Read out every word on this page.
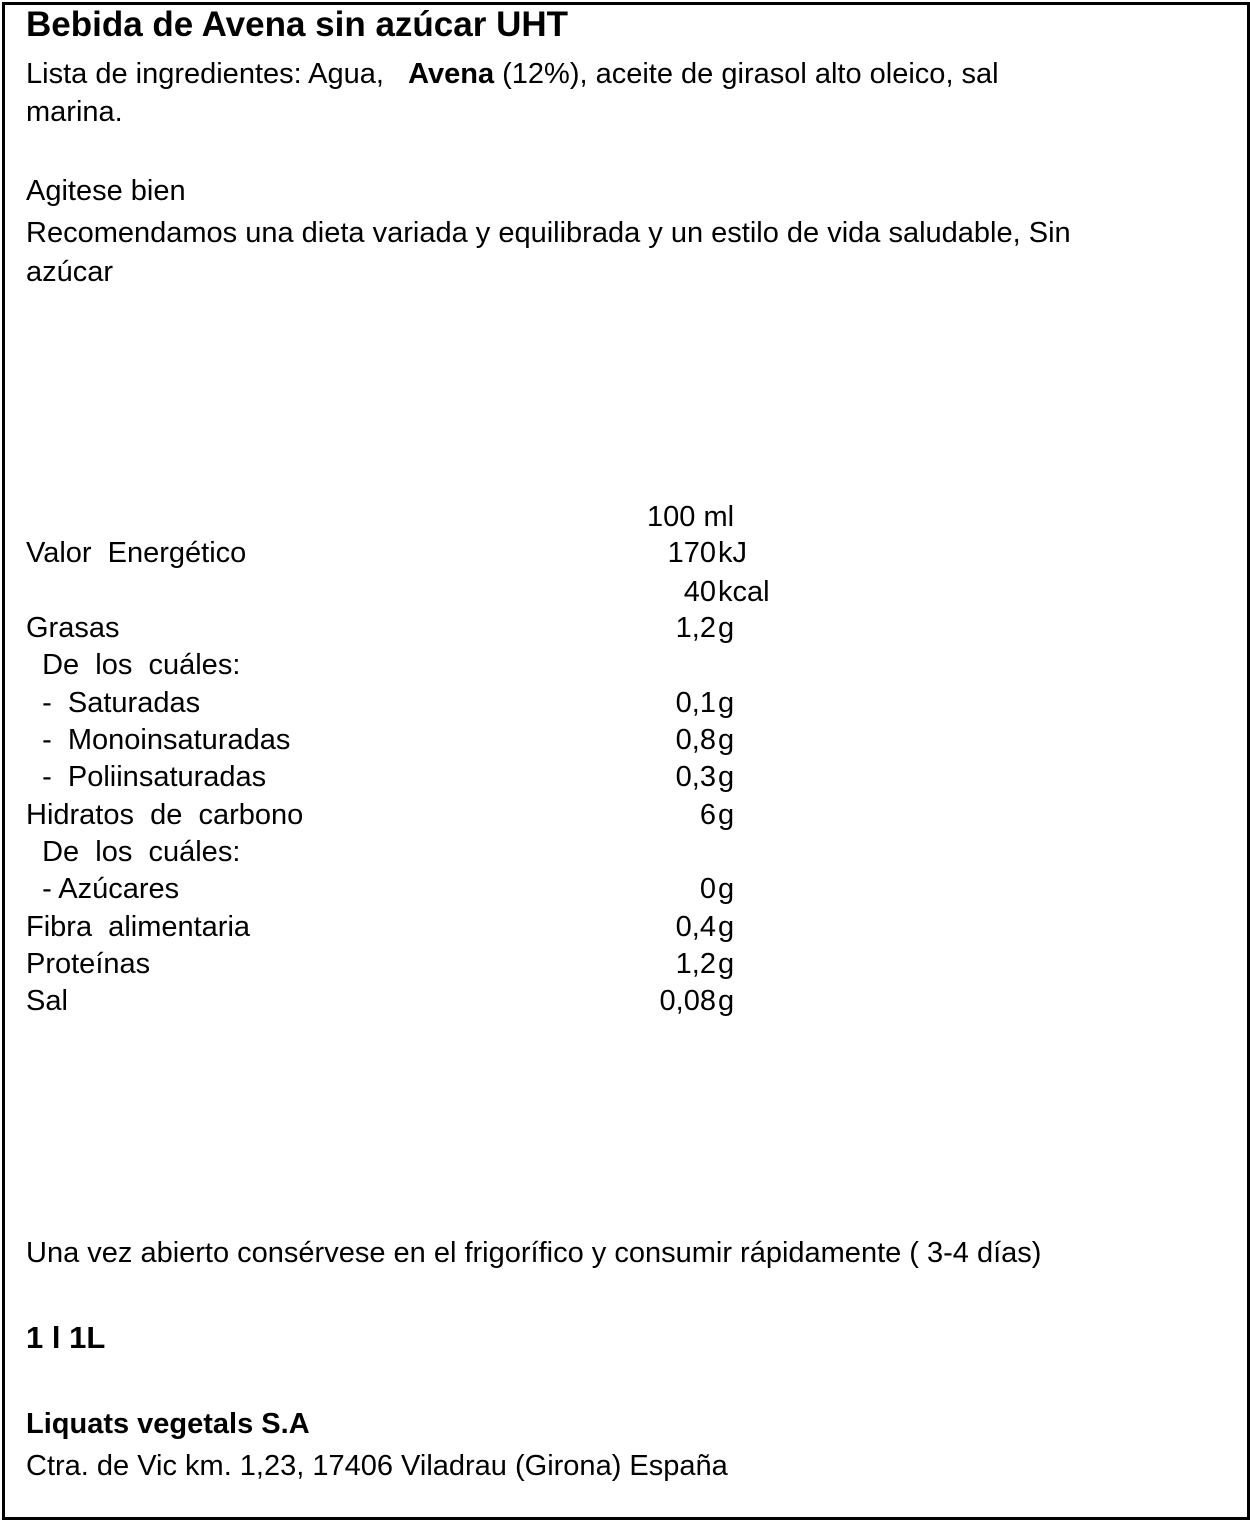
Bebida de Avena sin azúcar UHT
Lista de ingredientes: Agua, Avena (12%), aceite de girasol alto oleico, sal
marina.
Agitese bien
Recomendamos una dieta variada y equilibrada y un estilo de vida saludable, Sin
azúcar
100 ml
Valor  Energético	170 kJ
40 kcal
Grasas	1,2 g
De  los  cuáles:
-  Saturadas	0,1 g
-  Monoinsaturadas	0,8 g
-  Poliinsaturadas	0,3 g
Hidratos  de  carbono	6 g
De  los  cuáles:
- Azúcares	0 g
Fibra  alimentaria	0,4 g
Proteínas	1,2 g
Sal	0,08 g
Una vez abierto consérvese en el frigorífico y consumir rápidamente ( 3-4 días)
1 l 1L
Liquats vegetals S.A
Ctra. de Vic km. 1,23, 17406 Viladrau (Girona) España
